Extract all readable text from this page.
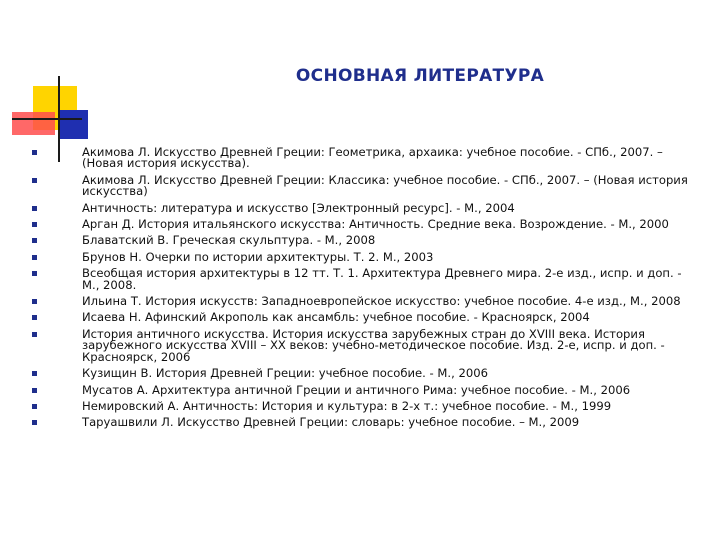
ОСНОВНАЯ ЛИТЕРАТУРА
Акимова Л. Искусство Древней Греции: Геометрика, архаика: учебное пособие. - СПб., 2007. – (Новая история искусства).
Акимова Л. Искусство Древней Греции: Классика: учебное пособие. - СПб., 2007. – (Новая история искусства)
Античность: литература и искусство [Электронный ресурс]. - М., 2004
Арган Д. История итальянского искусства: Античность. Средние века. Возрождение. - М., 2000
Блаватский В. Греческая скульптура. - М., 2008
Брунов Н. Очерки по истории архитектуры. Т. 2. М., 2003
Всеобщая история архитектуры в 12 тт. Т. 1. Архитектура Древнего мира. 2-е изд., испр. и доп. - М., 2008.
Ильина Т. История искусств: Западноевропейское искусство: учебное пособие. 4-е изд., М., 2008
Исаева Н. Афинский Акрополь как ансамбль: учебное пособие. - Красноярск, 2004
История античного искусства. История искусства зарубежных стран до XVIII века. История зарубежного искусства XVIII – XX веков: учебно-методическое пособие. Изд. 2-е, испр. и доп. - Красноярск, 2006
Кузищин В. История Древней Греции: учебное пособие. - М., 2006
Мусатов А. Архитектура античной Греции и античного Рима: учебное пособие. - М., 2006
Немировский А. Античность: История и культура: в 2-х т.: учебное пособие. - М., 1999
Таруашвили Л. Искусство Древней Греции: словарь: учебное пособие. – М., 2009
